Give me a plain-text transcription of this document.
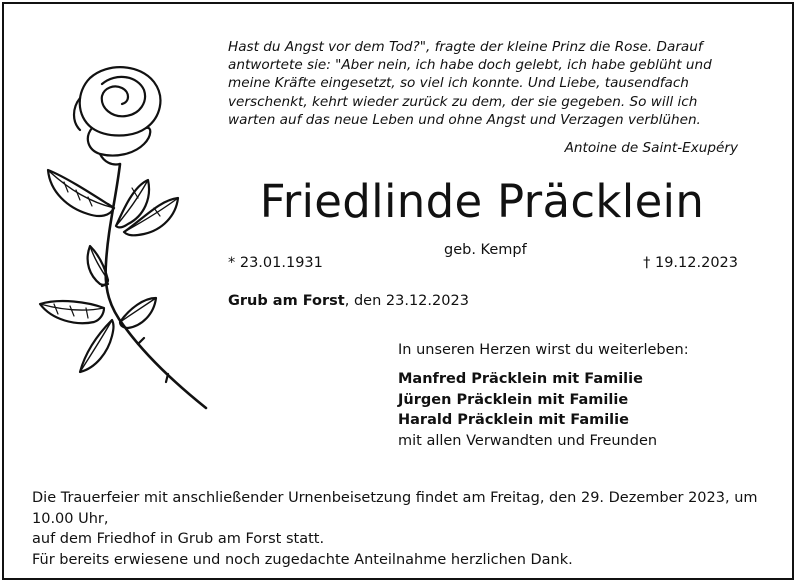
Hast du Angst vor dem Tod?", fragte der kleine Prinz die Rose. Darauf
antwortete sie: "Aber nein, ich habe doch gelebt, ich habe geblüht und
meine Kräfte eingesetzt, so viel ich konnte. Und Liebe, tausendfach
verschenkt, kehrt wieder zurück zu dem, der sie gegeben. So will ich
warten auf das neue Leben und ohne Angst und Verzagen verblühen.

Antoine de Saint-Exupéry
Friedlinde Präcklein
geb. Kempf
* 23.01.1931	† 19.12.2023
Grub am Forst, den 23.12.2023
In unseren Herzen wirst du weiterleben:
Manfred Präcklein mit Familie
Jürgen Präcklein mit Familie
Harald Präcklein mit Familie
mit allen Verwandten und Freunden

Die Trauerfeier mit anschließender Urnenbeisetzung findet am Freitag, den 29. Dezember 2023, um 10.00 Uhr,
auf dem Friedhof in Grub am Forst statt.
Für bereits erwiesene und noch zugedachte Anteilnahme herzlichen Dank.
